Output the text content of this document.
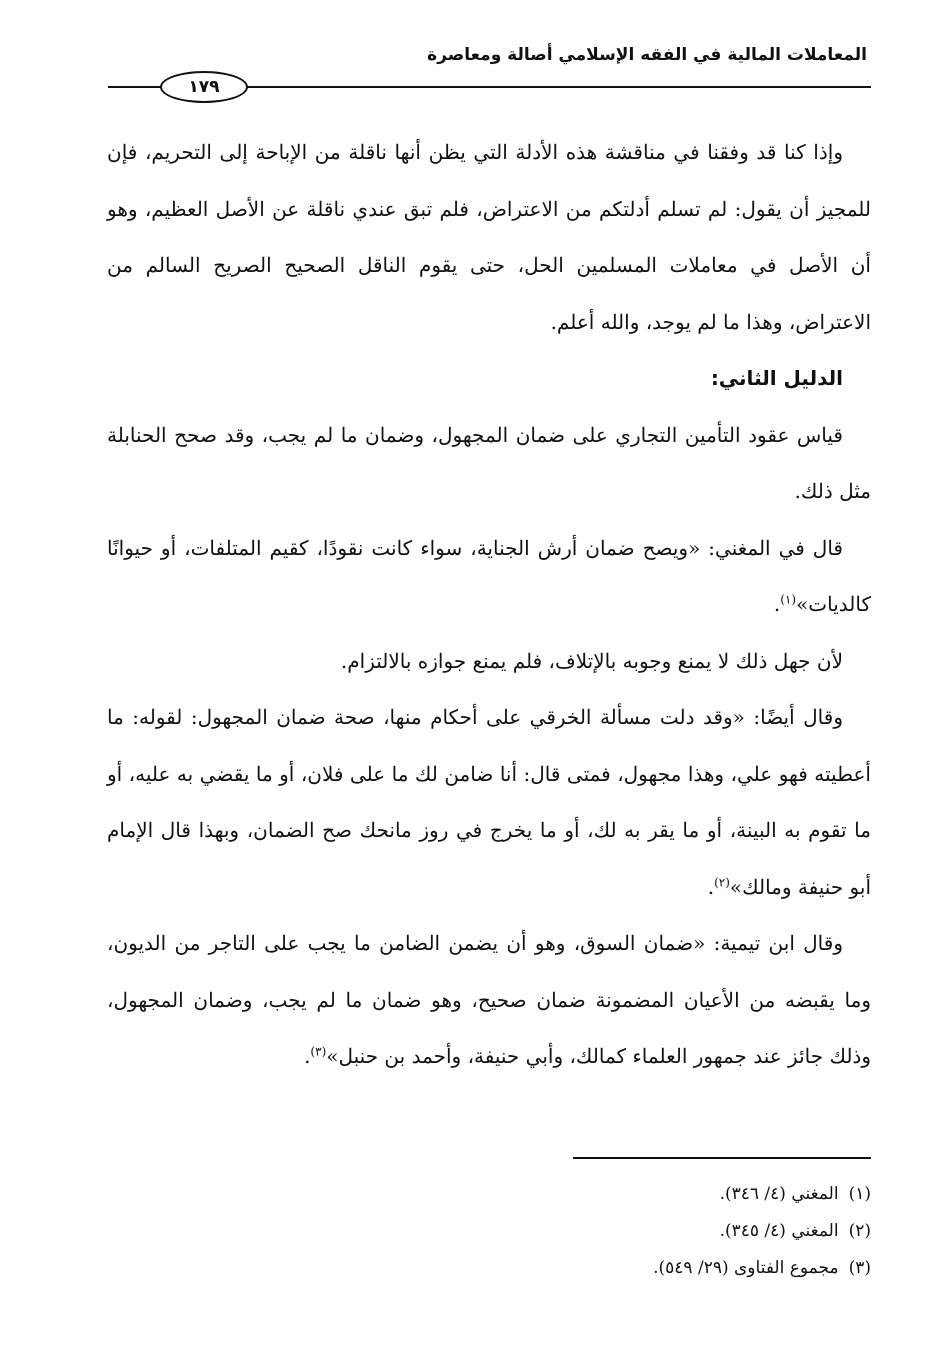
المعاملات المالية في الفقه الإسلامي أصالة ومعاصرة
١٧٩

وإذا كنا قد وفقنا في مناقشة هذه الأدلة التي يظن أنها ناقلة من الإباحة إلى التحريم، فإن للمجيز أن يقول: لم تسلم أدلتكم من الاعتراض، فلم تبق عندي ناقلة عن الأصل العظيم، وهو أن الأصل في معاملات المسلمين الحل، حتى يقوم الناقل الصحيح الصريح السالم من الاعتراض، وهذا ما لم يوجد، والله أعلم.

الدليل الثاني:

قياس عقود التأمين التجاري على ضمان المجهول، وضمان ما لم يجب، وقد صحح الحنابلة مثل ذلك.

قال في المغني: «ويصح ضمان أرش الجناية، سواء كانت نقودًا، كقيم المتلفات، أو حيوانًا كالديات»$^{(١)}$.

لأن جهل ذلك لا يمنع وجوبه بالإتلاف، فلم يمنع جوازه بالالتزام.

وقال أيضًا: «وقد دلت مسألة الخرقي على أحكام منها، صحة ضمان المجهول: لقوله: ما أعطيته فهو علي، وهذا مجهول، فمتى قال: أنا ضامن لك ما على فلان، أو ما يقضي به عليه، أو ما تقوم به البينة، أو ما يقر به لك، أو ما يخرج في روز مانحك صح الضمان، وبهذا قال الإمام أبو حنيفة ومالك»$^{(٢)}$.

وقال ابن تيمية: «ضمان السوق، وهو أن يضمن الضامن ما يجب على التاجر من الديون، وما يقبضه من الأعيان المضمونة ضمان صحيح، وهو ضمان ما لم يجب، وضمان المجهول، وذلك جائز عند جمهور العلماء كمالك، وأبي حنيفة، وأحمد بن حنبل»$^{(٣)}$.

(١)المغني (٤/ ٣٤٦).

(٢)المغني (٤/ ٣٤٥).

(٣)مجموع الفتاوى (٢٩/ ٥٤٩).
